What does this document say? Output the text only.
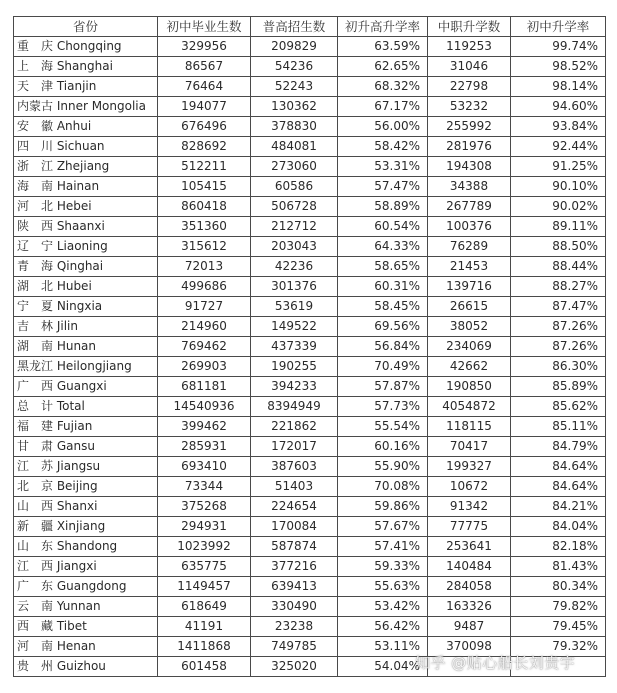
省份	初中毕业生数	普高招生数	初升高升学率	中职升学数	初中升学率
重　庆 Chongqing	329956	209829	63.59%	119253	99.74%
上　海 Shanghai	86567	54236	62.65%	31046	98.52%
天　津 Tianjin	76464	52243	68.32%	22798	98.14%
内蒙古 Inner Mongolia	194077	130362	67.17%	53232	94.60%
安　徽 Anhui	676496	378830	56.00%	255992	93.84%
四　川 Sichuan	828692	484081	58.42%	281976	92.44%
浙　江 Zhejiang	512211	273060	53.31%	194308	91.25%
海　南 Hainan	105415	60586	57.47%	34388	90.10%
河　北 Hebei	860418	506728	58.89%	267789	90.02%
陕　西 Shaanxi	351360	212712	60.54%	100376	89.11%
辽　宁 Liaoning	315612	203043	64.33%	76289	88.50%
青　海 Qinghai	72013	42236	58.65%	21453	88.44%
湖　北 Hubei	499686	301376	60.31%	139716	88.27%
宁　夏 Ningxia	91727	53619	58.45%	26615	87.47%
吉　林 Jilin	214960	149522	69.56%	38052	87.26%
湖　南 Hunan	769462	437339	56.84%	234069	87.26%
黑龙江 Heilongjiang	269903	190255	70.49%	42662	86.30%
广　西 Guangxi	681181	394233	57.87%	190850	85.89%
总　计 Total	14540936	8394949	57.73%	4054872	85.62%
福　建 Fujian	399462	221862	55.54%	118115	85.11%
甘　肃 Gansu	285931	172017	60.16%	70417	84.79%
江　苏 Jiangsu	693410	387603	55.90%	199327	84.64%
北　京 Beijing	73344	51403	70.08%	10672	84.64%
山　西 Shanxi	375268	224654	59.86%	91342	84.21%
新　疆 Xinjiang	294931	170084	57.67%	77775	84.04%
山　东 Shandong	1023992	587874	57.41%	253641	82.18%
江　西 Jiangxi	635775	377216	59.33%	140484	81.43%
广　东 Guangdong	1149457	639413	55.63%	284058	80.34%
云　南 Yunnan	618649	330490	53.42%	163326	79.82%
西　藏 Tibet	41191	23238	56.42%	9487	79.45%
河　南 Henan	1411868	749785	53.11%	370098	79.32%
贵　州 Guizhou	601458	325020	54.04%		
知乎 @贴心船长刘贵宇
